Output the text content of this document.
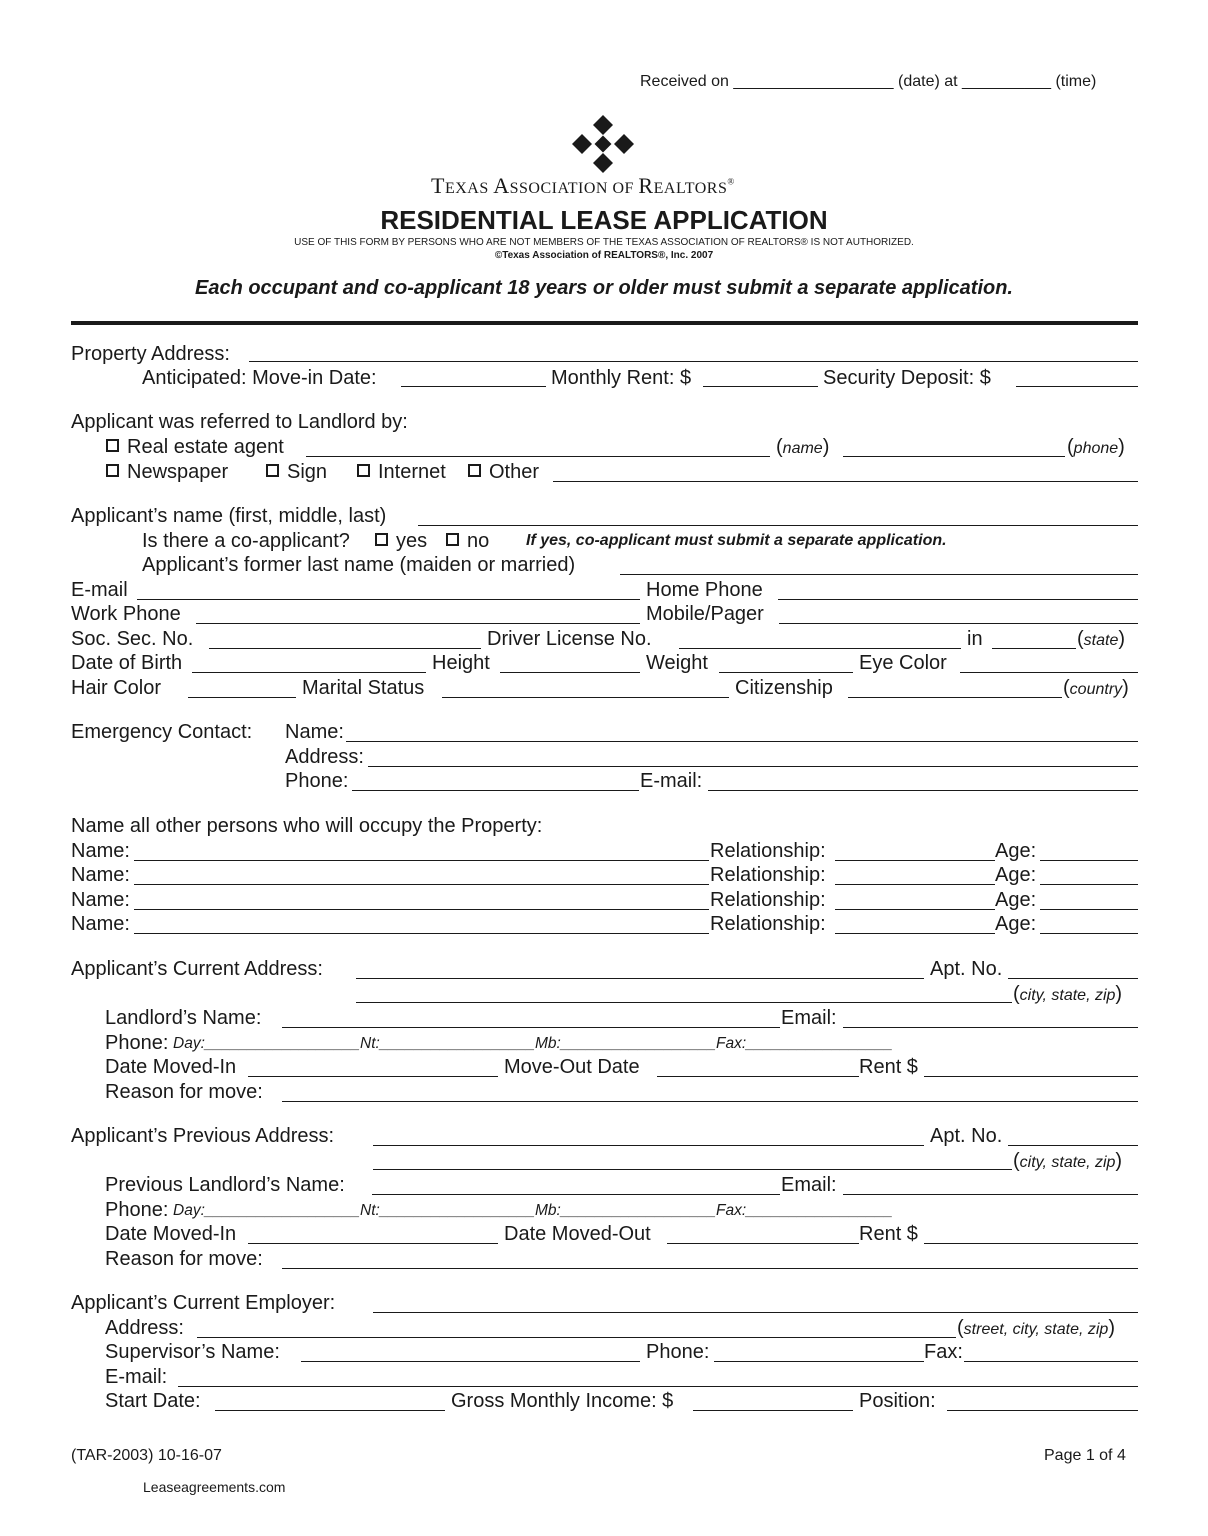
Received on __________________ (date) at __________ (time)
TEXAS ASSOCIATION OF REALTORS®
RESIDENTIAL LEASE APPLICATION
USE OF THIS FORM BY PERSONS WHO ARE NOT MEMBERS OF THE TEXAS ASSOCIATION OF REALTORS® IS NOT AUTHORIZED.
©Texas Association of REALTORS®, Inc. 2007
Each occupant and co-applicant 18 years or older must submit a separate application.
Property Address:
Anticipated: Move-in Date:	Monthly Rent: $	Security Deposit: $
Applicant was referred to Landlord by:
Real estate agent	(name)	(phone)
Newspaper	Sign	Internet	Other
Applicant’s name (first, middle, last)
Is there a co-applicant?	yes	no If yes, co-applicant must submit a separate application.
Applicant’s former last name (maiden or married)
E-mail	Home Phone
Work Phone	Mobile/Pager
Soc. Sec. No.	Driver License No.	in	(state)
Date of Birth	Height	Weight	Eye Color
Hair Color	Marital Status	Citizenship	(country)
Emergency Contact: Name:
Address:
Phone:	E-mail:
Name all other persons who will occupy the Property:
Name:	Relationship:	Age:
Name:	Relationship:	Age:
Name:	Relationship:	Age:
Name:	Relationship:	Age:
Applicant’s Current Address:	Apt. No.
(city, state, zip)
Landlord’s Name:	Email:
Phone: Day:__________________Nt:__________________Mb:__________________Fax:_________________
Date Moved-In	Move-Out Date	Rent $
Reason for move:
Applicant’s Previous Address:	Apt. No.
(city, state, zip)
Previous Landlord’s Name:	Email:
Phone: Day:__________________Nt:__________________Mb:__________________Fax:_________________
Date Moved-In	Date Moved-Out	Rent $
Reason for move:
Applicant’s Current Employer:
Address:	(street, city, state, zip)
Supervisor’s Name:	Phone:	Fax:
E-mail:
Start Date:	Gross Monthly Income: $	Position:
(TAR-2003) 10-16-07	Page 1 of 4
Leaseagreements.com
